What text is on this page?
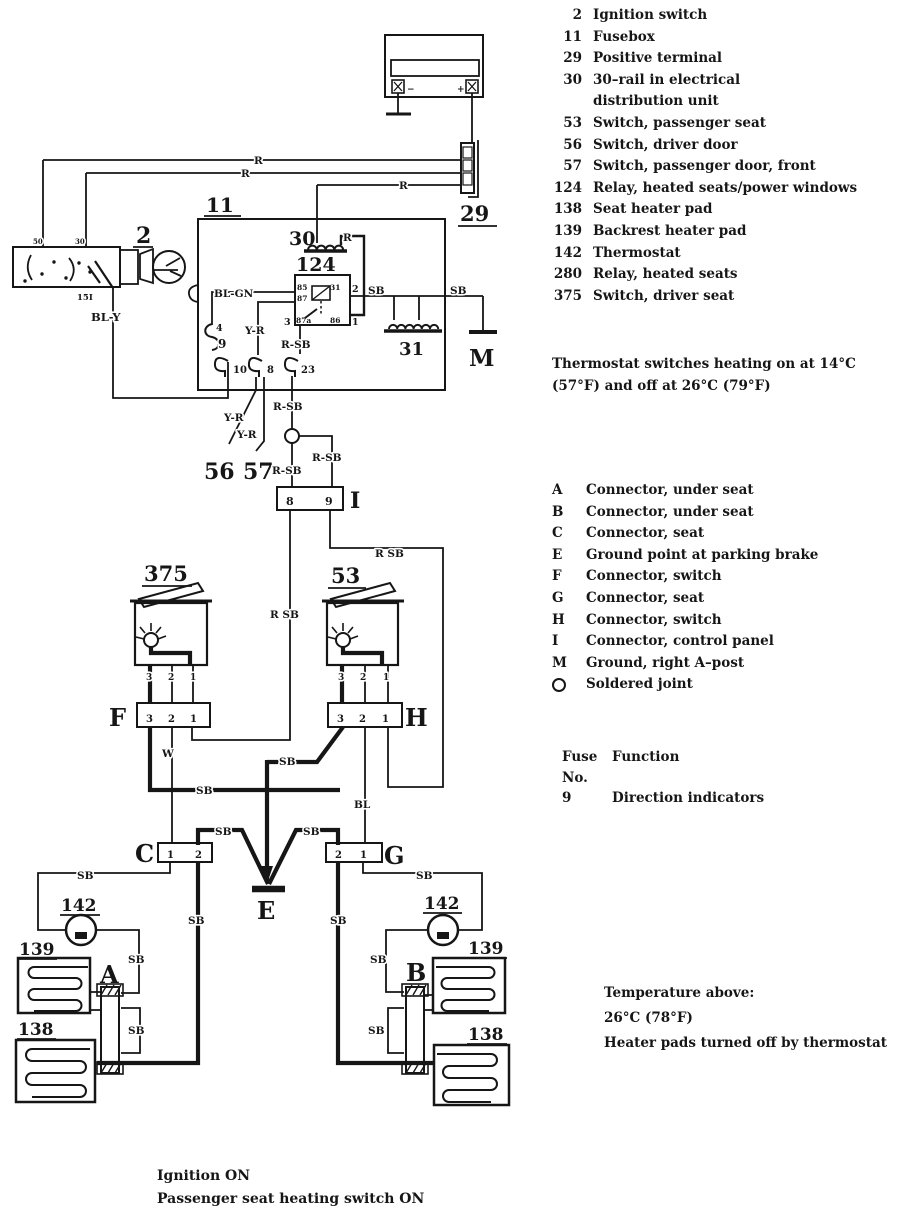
2
11	29
30
124
31 M
375	53
56 57
I
F	H
C	G
A	B
E
142	142
139
138
139
138
R
R
R
R
BL-GN
Y-R
R-SB
BL-Y
15I
50	30
SB	SB
Y-R
Y-R
R-SB
R-SB
R-SB
R SB
R SB
W
BL
SB
SB
SB	SB
SB	SB
SB	SB
SB	SB
SB	SB
4
9
10 8	23
85
87
87a
31
86
2
1
3
8	9
3 2 1
3 2 1
3 2 1
3 2 1
1 2	2 1
+
−
2 Ignition switch
11 Fusebox
29 Positive terminal
30 30–rail in electrical
distribution unit
53 Switch, passenger seat
56 Switch, driver door
57 Switch, passenger door, front
124 Relay, heated seats/power windows
138 Seat heater pad
139 Backrest heater pad
142 Thermostat
280 Relay, heated seats
375 Switch, driver seat
Thermostat switches heating on at 14°C
(57°F) and off at 26°C (79°F)
A	Connector, under seat
B	Connector, under seat
C	Connector, seat
E	Ground point at parking brake
F	Connector, switch
G	Connector, seat
H	Connector, switch
I	Connector, control panel
M	Ground, right A–post
Soldered joint
Fuse	Function
No.
9	Direction indicators
Temperature above:
26°C (78°F)
Heater pads turned off by thermostat
Ignition ON
Passenger seat heating switch ON
